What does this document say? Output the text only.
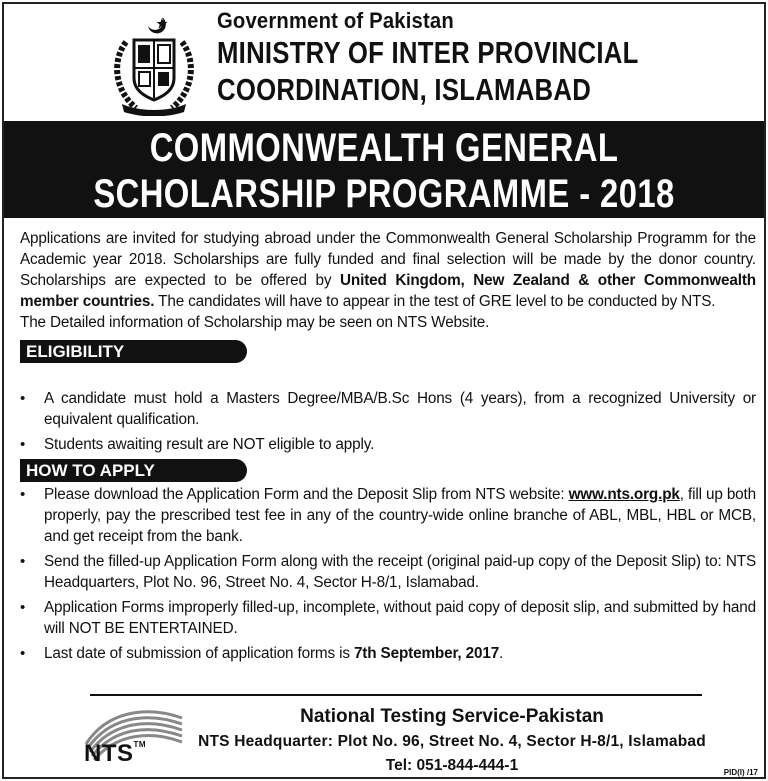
Government of Pakistan
MINISTRY OF INTER PROVINCIAL
COORDINATION, ISLAMABAD
COMMONWEALTH GENERAL
SCHOLARSHIP PROGRAMME - 2018

Applications are invited for studying abroad under the Commonwealth General Scholarship Programm for the Academic year 2018. Scholarships are fully funded and final selection will be made by the donor country. Scholarships are expected to be offered by United Kingdom, New Zealand & other Commonwealth member countries. The candidates will have to appear in the test of GRE level to be conducted by NTS.

The Detailed information of Scholarship may be seen on NTS Website.

ELIGIBILITY CRITERIA
• A candidate must hold a Masters Degree/MBA/B.Sc Hons (4 years), from a recognized University or equivalent qualification.
• Students awaiting result are NOT eligible to apply.
HOW TO APPLY
• Please download the Application Form and the Deposit Slip from NTS website: www.nts.org.pk, fill up both properly, pay the prescribed test fee in any of the country-wide online branche of ABL, MBL, HBL or MCB, and get receipt from the bank.
• Send the filled-up Application Form along with the receipt (original paid-up copy of the Deposit Slip) to: NTS Headquarters, Plot No. 96, Street No. 4, Sector H-8/1, Islamabad.
• Application Forms improperly filled-up, incomplete, without paid copy of deposit slip, and submitted by hand will NOT BE ENTERTAINED.
• Last date of submission of application forms is 7th September, 2017.
NTS™
National Testing Service-Pakistan
NTS Headquarter: Plot No. 96, Street No. 4, Sector H-8/1, Islamabad
Tel: 051-844-444-1	PID(I) /17
